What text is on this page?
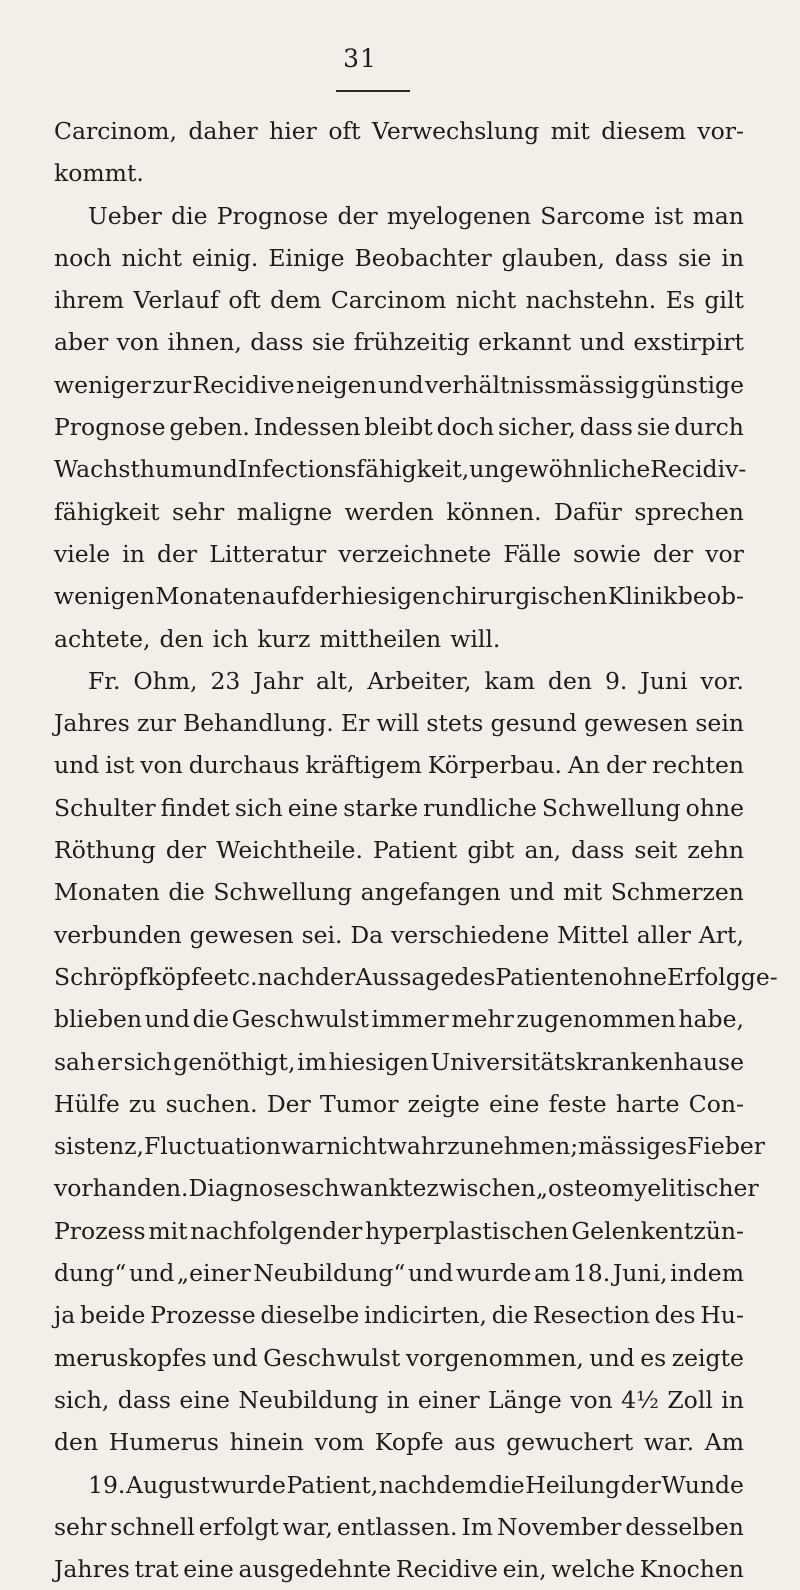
31
Carcinom, daher hier oft Verwechslung mit diesem vor-
kommt.
Ueber die Prognose der myelogenen Sarcome ist man
noch nicht einig. Einige Beobachter glauben, dass sie in
ihrem Verlauf oft dem Carcinom nicht nachstehn. Es gilt
aber von ihnen, dass sie frühzeitig erkannt und exstirpirt
weniger zur Recidive neigen und verhältnissmässig günstige
Prognose geben. Indessen bleibt doch sicher, dass sie durch
Wachsthum und Infectionsfähigkeit, ungewöhnliche Recidiv-
fähigkeit sehr maligne werden können. Dafür sprechen
viele in der Litteratur verzeichnete Fälle sowie der vor
wenigen Monaten auf der hiesigen chirurgischen Klinik beob-
achtete, den ich kurz mittheilen will.
Fr. Ohm, 23 Jahr alt, Arbeiter, kam den 9. Juni vor.
Jahres zur Behandlung. Er will stets gesund gewesen sein
und ist von durchaus kräftigem Körperbau. An der rechten
Schulter findet sich eine starke rundliche Schwellung ohne
Röthung der Weichtheile. Patient gibt an, dass seit zehn
Monaten die Schwellung angefangen und mit Schmerzen
verbunden gewesen sei. Da verschiedene Mittel aller Art,
Schröpfköpfe etc. nach der Aussage des Patienten ohne Erfolg ge-
blieben und die Geschwulst immer mehr zugenommen habe,
sah er sich genöthigt, im hiesigen Universitätskrankenhause
Hülfe zu suchen. Der Tumor zeigte eine feste harte Con-
sistenz, Fluctuation war nicht wahrzunehmen; mässiges Fieber
vorhanden. Diagnose schwankte zwischen „osteomyelitischer
Prozess mit nachfolgender hyperplastischen Gelenkentzün-
dung“ und „einer Neubildung“ und wurde am 18. Juni, indem
ja beide Prozesse dieselbe indicirten, die Resection des Hu-
meruskopfes und Geschwulst vorgenommen, und es zeigte
sich, dass eine Neubildung in einer Länge von 4½ Zoll in
den Humerus hinein vom Kopfe aus gewuchert war. Am
19. August wurde Patient, nachdem die Heilung der Wunde
sehr schnell erfolgt war, entlassen. Im November desselben
Jahres trat eine ausgedehnte Recidive ein, welche Knochen
